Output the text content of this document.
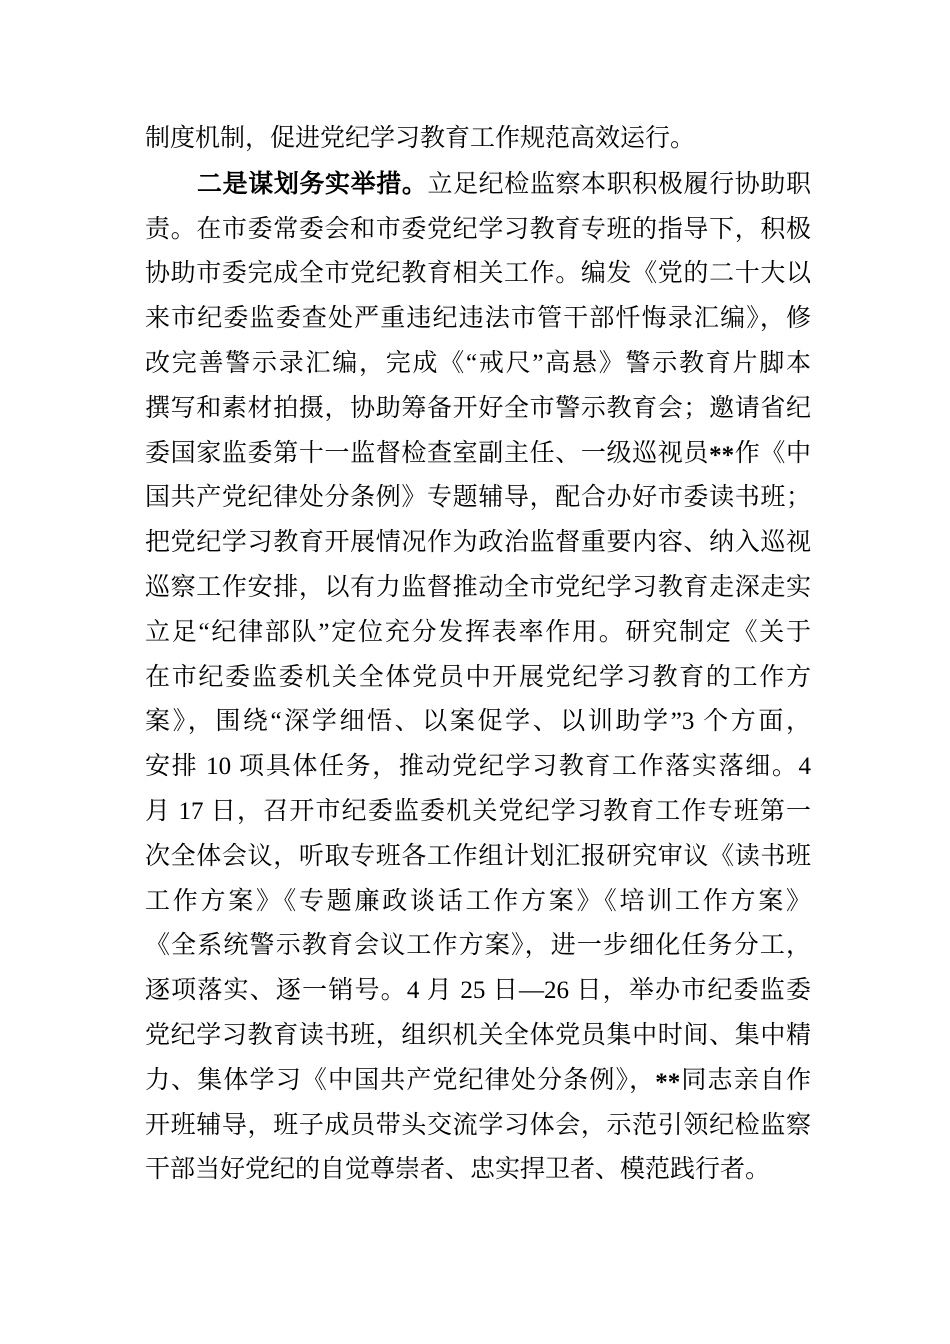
制度机制，促进党纪学习教育工作规范高效运行。
二是谋划务实举措。立足纪检监察本职积极履行协助职
责。在市委常委会和市委党纪学习教育专班的指导下，积极
协助市委完成全市党纪教育相关工作。编发《党的二十大以
来市纪委监委查处严重违纪违法市管干部忏悔录汇编》，修
改完善警示录汇编，完成《“戒尺”高悬》警示教育片脚本
撰写和素材拍摄，协助筹备开好全市警示教育会；邀请省纪
委国家监委第十一监督检查室副主任、一级巡视员**作《中
国共产党纪律处分条例》专题辅导，配合办好市委读书班；
把党纪学习教育开展情况作为政治监督重要内容、纳入巡视
巡察工作安排，以有力监督推动全市党纪学习教育走深走实
立足“纪律部队”定位充分发挥表率作用。研究制定《关于
在市纪委监委机关全体党员中开展党纪学习教育的工作方
案》，围绕“深学细悟、以案促学、以训助学”3 个方面，
安排 10 项具体任务，推动党纪学习教育工作落实落细。4
月 17 日，召开市纪委监委机关党纪学习教育工作专班第一
次全体会议，听取专班各工作组计划汇报研究审议《读书班
工作方案》《专题廉政谈话工作方案》《培训工作方案》
《全系统警示教育会议工作方案》，进一步细化任务分工，
逐项落实、逐一销号。4 月 25 日—26 日，举办市纪委监委
党纪学习教育读书班，组织机关全体党员集中时间、集中精
力、集体学习《中国共产党纪律处分条例》，**同志亲自作
开班辅导，班子成员带头交流学习体会，示范引领纪检监察
干部当好党纪的自觉尊崇者、忠实捍卫者、模范践行者。
